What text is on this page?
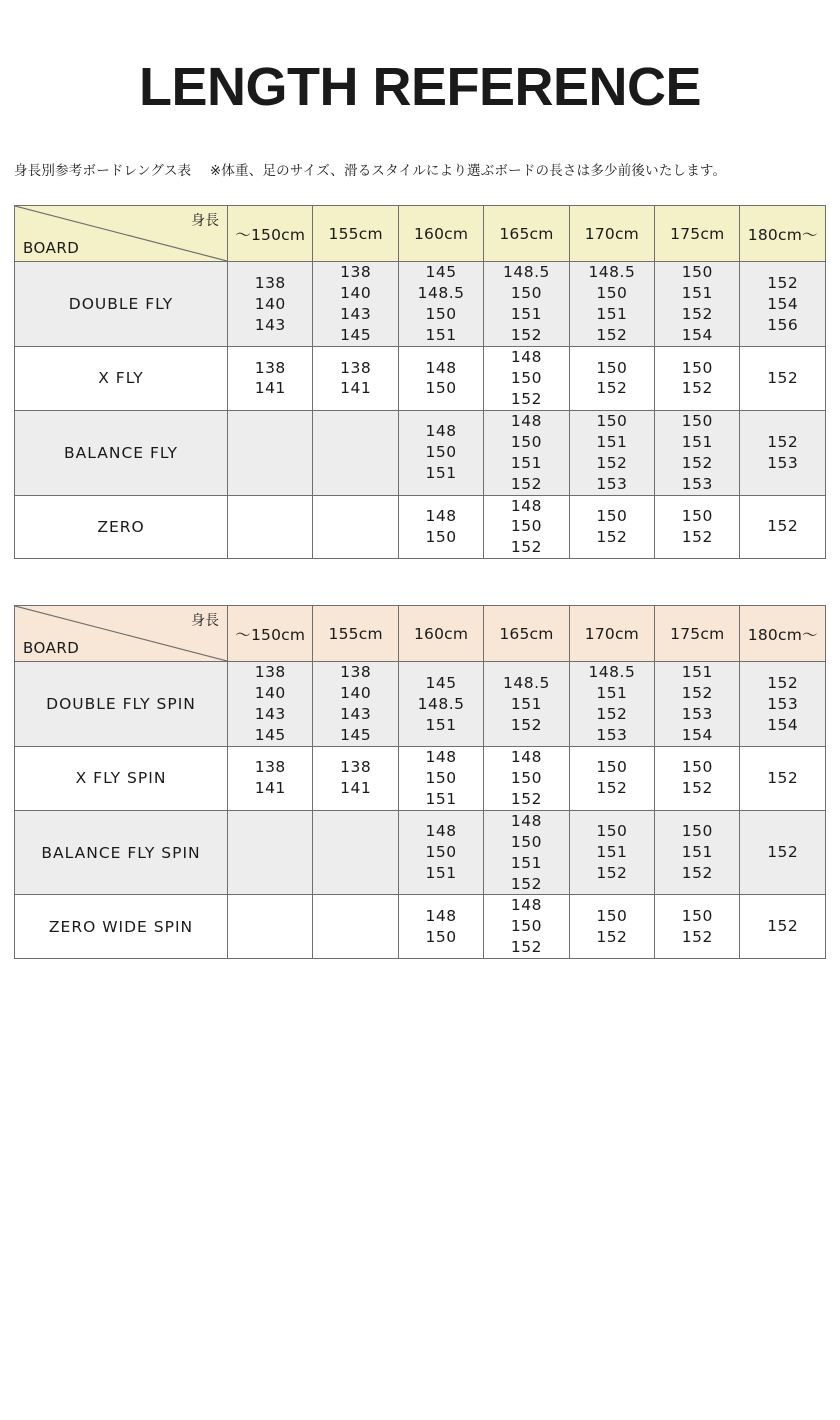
LENGTH REFERENCE
身長別参考ボードレングス表 ※体重、足のサイズ、滑るスタイルにより選ぶボードの長さは多少前後いたします。
身長
BOARD	～150cm	155cm	160cm	165cm	170cm	175cm	180cm～
DOUBLE FLY	138
140
143	138
140
143
145	145
148.5
150
151	148.5
150
151
152	148.5
150
151
152	150
151
152
154	152
154
156

X FLY	138
141	138
141	148
150	148
150
152	150
152	150
152	152

BALANCE FLY			148
150
151	148
150
151
152	150
151
152
153	150
151
152
153	152
153

ZERO			148
150	148
150
152	150
152	150
152	152
身長
BOARD	～150cm	155cm	160cm	165cm	170cm	175cm	180cm～
DOUBLE FLY SPIN	138
140
143
145	138
140
143
145	145
148.5
151	148.5
151
152	148.5
151
152
153	151
152
153
154	152
153
154

X FLY SPIN	138
141	138
141	148
150
151	148
150
152	150
152	150
152	152

BALANCE FLY SPIN			148
150
151	148
150
151
152	150
151
152	150
151
152	152

ZERO WIDE SPIN			148
150	148
150
152	150
152	150
152	152
